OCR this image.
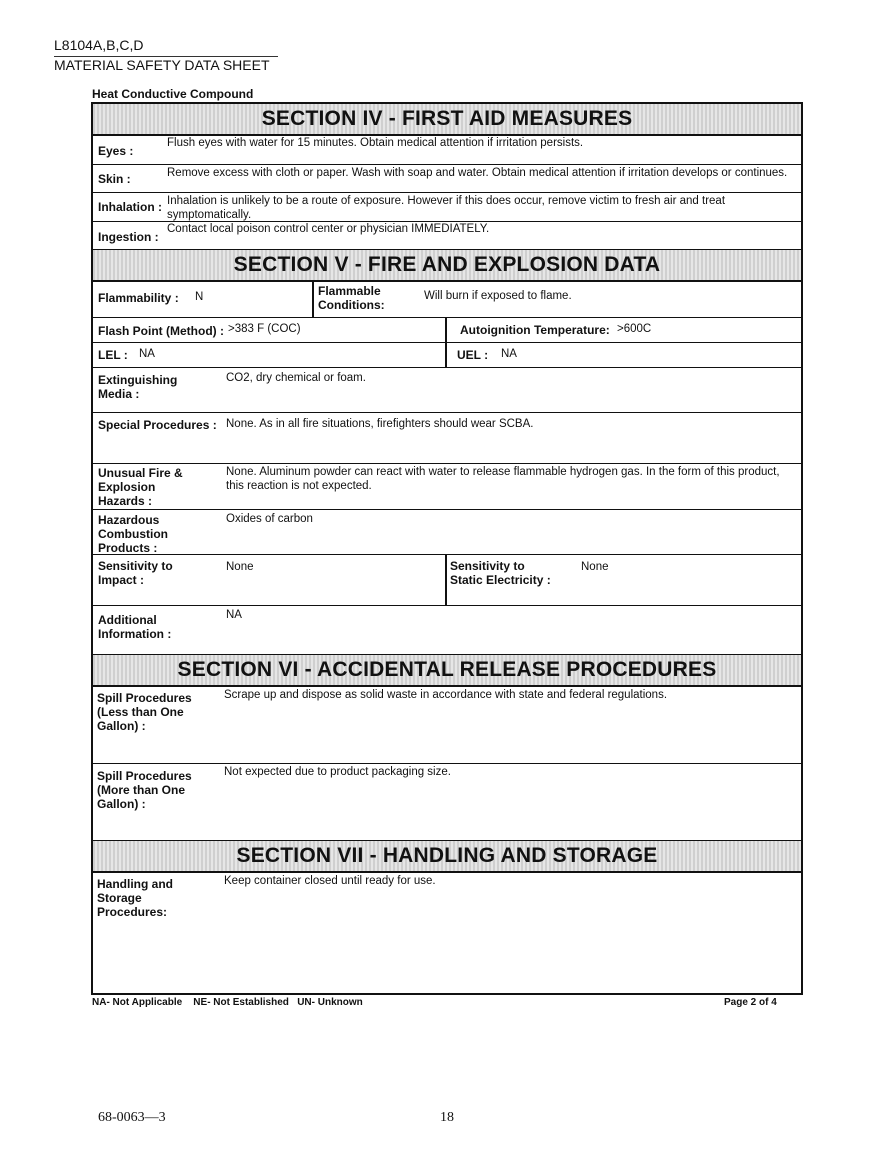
L8104A,B,C,D
MATERIAL SAFETY DATA SHEET
Heat Conductive Compound
SECTION IV - FIRST AID MEASURES
Eyes :
Flush eyes with water for 15 minutes. Obtain medical attention if irritation persists.
Skin :	Remove excess with cloth or paper. Wash with soap and water. Obtain medical attention if irritation develops or continues.
Inhalation : Inhalation is unlikely to be a route of exposure. However if this does occur, remove victim to fresh air and treat symptomatically.
Ingestion :
Contact local poison control center or physician IMMEDIATELY.
SECTION V - FIRE AND EXPLOSION DATA
Flammability : N	Flammable Conditions:
Will burn if exposed to flame.
Flash Point (Method) : >383 F (COC)	Autoignition Temperature: >600C
LEL : NA	UEL : NA
Extinguishing Media :
CO2, dry chemical or foam.
Special Procedures : None. As in all fire situations, firefighters should wear SCBA.
Unusual Fire & Explosion Hazards :
None. Aluminum powder can react with water to release flammable hydrogen gas. In the form of this product, this reaction is not expected.
Hazardous Combustion Products :
Oxides of carbon
Sensitivity to Impact :
None	Sensitivity to Static Electricity :
None
Additional Information :
NA
SECTION VI - ACCIDENTAL RELEASE PROCEDURES
Spill Procedures (Less than One Gallon) :
Scrape up and dispose as solid waste in accordance with state and federal regulations.
Spill Procedures (More than One Gallon) :
Not expected due to product packaging size.
SECTION VII - HANDLING AND STORAGE
Handling and Storage Procedures:
Keep container closed until ready for use.
NA- Not Applicable    NE- Not Established   UN- Unknown	Page 2 of 4
68-0063—3	18
